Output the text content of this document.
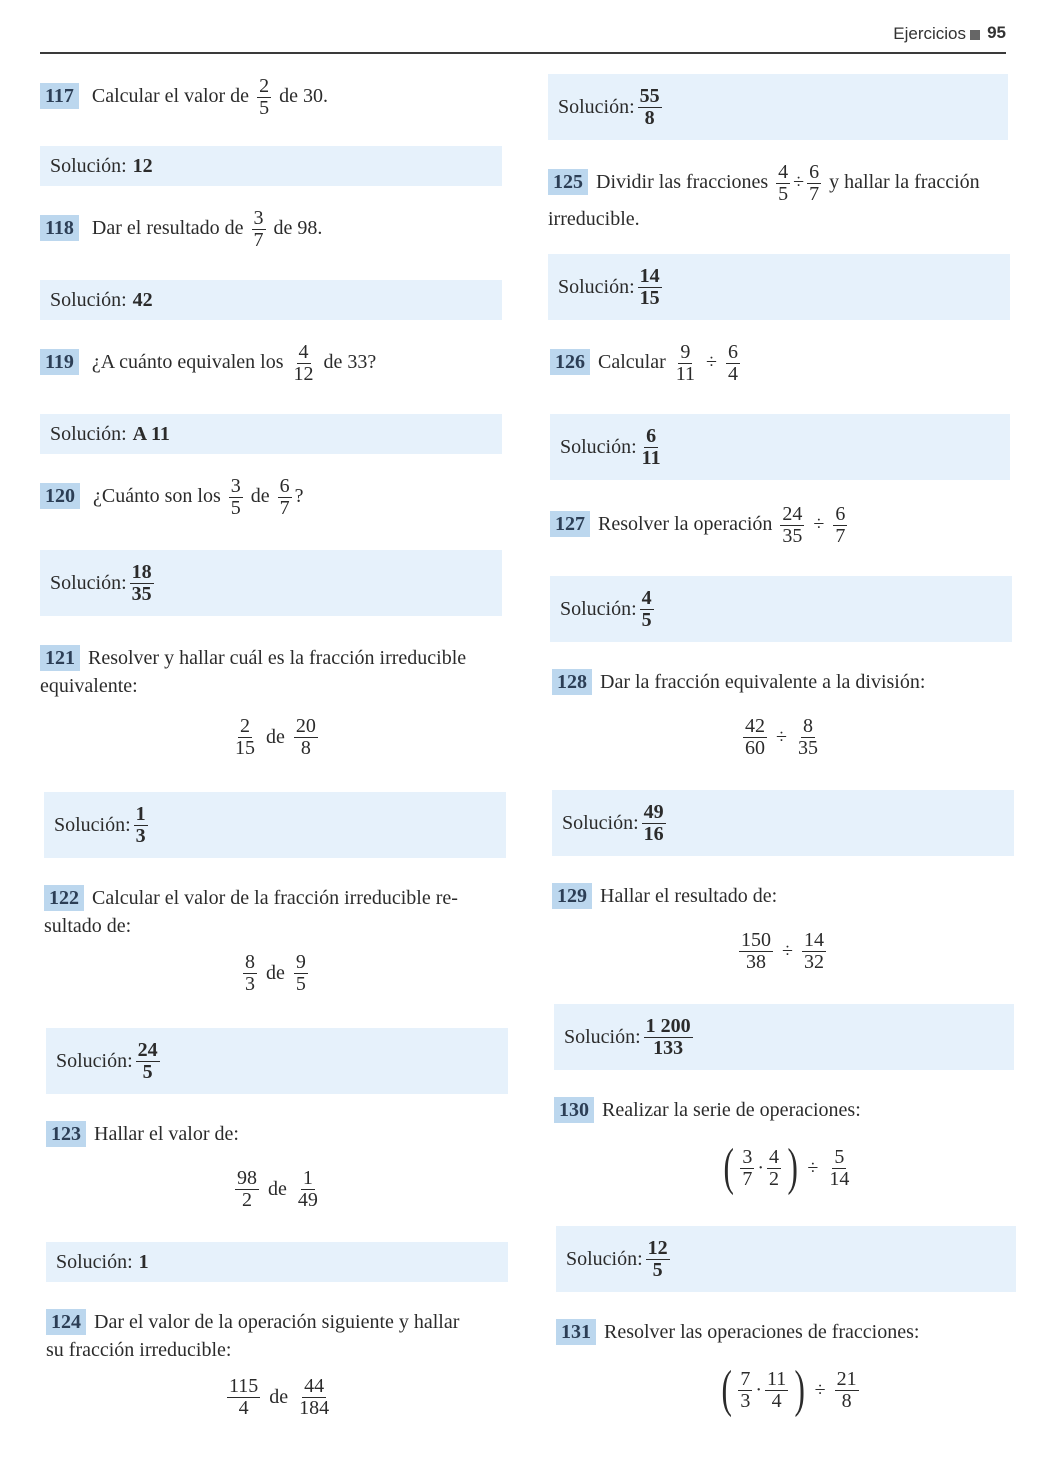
Ejercicios 95
117 Calcular el valor de $\frac{2}{5}$ de 30.
Solución: 12
118 Dar el resultado de $\frac{3}{7}$ de 98.
Solución: 42
119 ¿A cuánto equivalen los $\frac{4}{12}$ de 33?
Solución: A 11
120 ¿Cuánto son los $\frac{3}{5}$ de $\frac{6}{7}$ ?
Solución: $\frac{18}{35}$
121 Resolver y hallar cuál es la fracción irreducible
equivalente:
$\frac{2}{15}$ de $\frac{20}{8}$
Solución: $\frac{1}{3}$
122 Calcular el valor de la fracción irreducible re-
sultado de:
$\frac{8}{3}$ de $\frac{9}{5}$
Solución: $\frac{24}{5}$
123 Hallar el valor de:
$\frac{98}{2}$ de $\frac{1}{49}$
Solución: 1
124 Dar el valor de la operación siguiente y hallar
su fracción irreducible:
$\frac{115}{4}$ de $\frac{44}{184}$
Solución: $\frac{55}{8}$
125 Dividir las fracciones $\frac{4}{5} \div \frac{6}{7}$ y hallar la fracción
irreducible.
Solución: $\frac{14}{15}$
126 Calcular $\frac{9}{11} \div \frac{6}{4}$
Solución: $\frac{6}{11}$
127 Resolver la operación $\frac{24}{35} \div \frac{6}{7}$
Solución: $\frac{4}{5}$
128 Dar la fracción equivalente a la división:
$\frac{42}{60} \div \frac{8}{35}$
Solución: $\frac{49}{16}$
129 Hallar el resultado de:
$\frac{150}{38} \div \frac{14}{32}$
Solución: $\frac{1 200}{133}$
130 Realizar la serie de operaciones:
( $\frac{3}{7} \cdot \frac{4}{2}$ ) ÷ $\frac{5}{14}$
Solución: $\frac{12}{5}$
131 Resolver las operaciones de fracciones:
( $\frac{7}{3} \cdot \frac{11}{4}$ ) ÷ $\frac{21}{8}$
